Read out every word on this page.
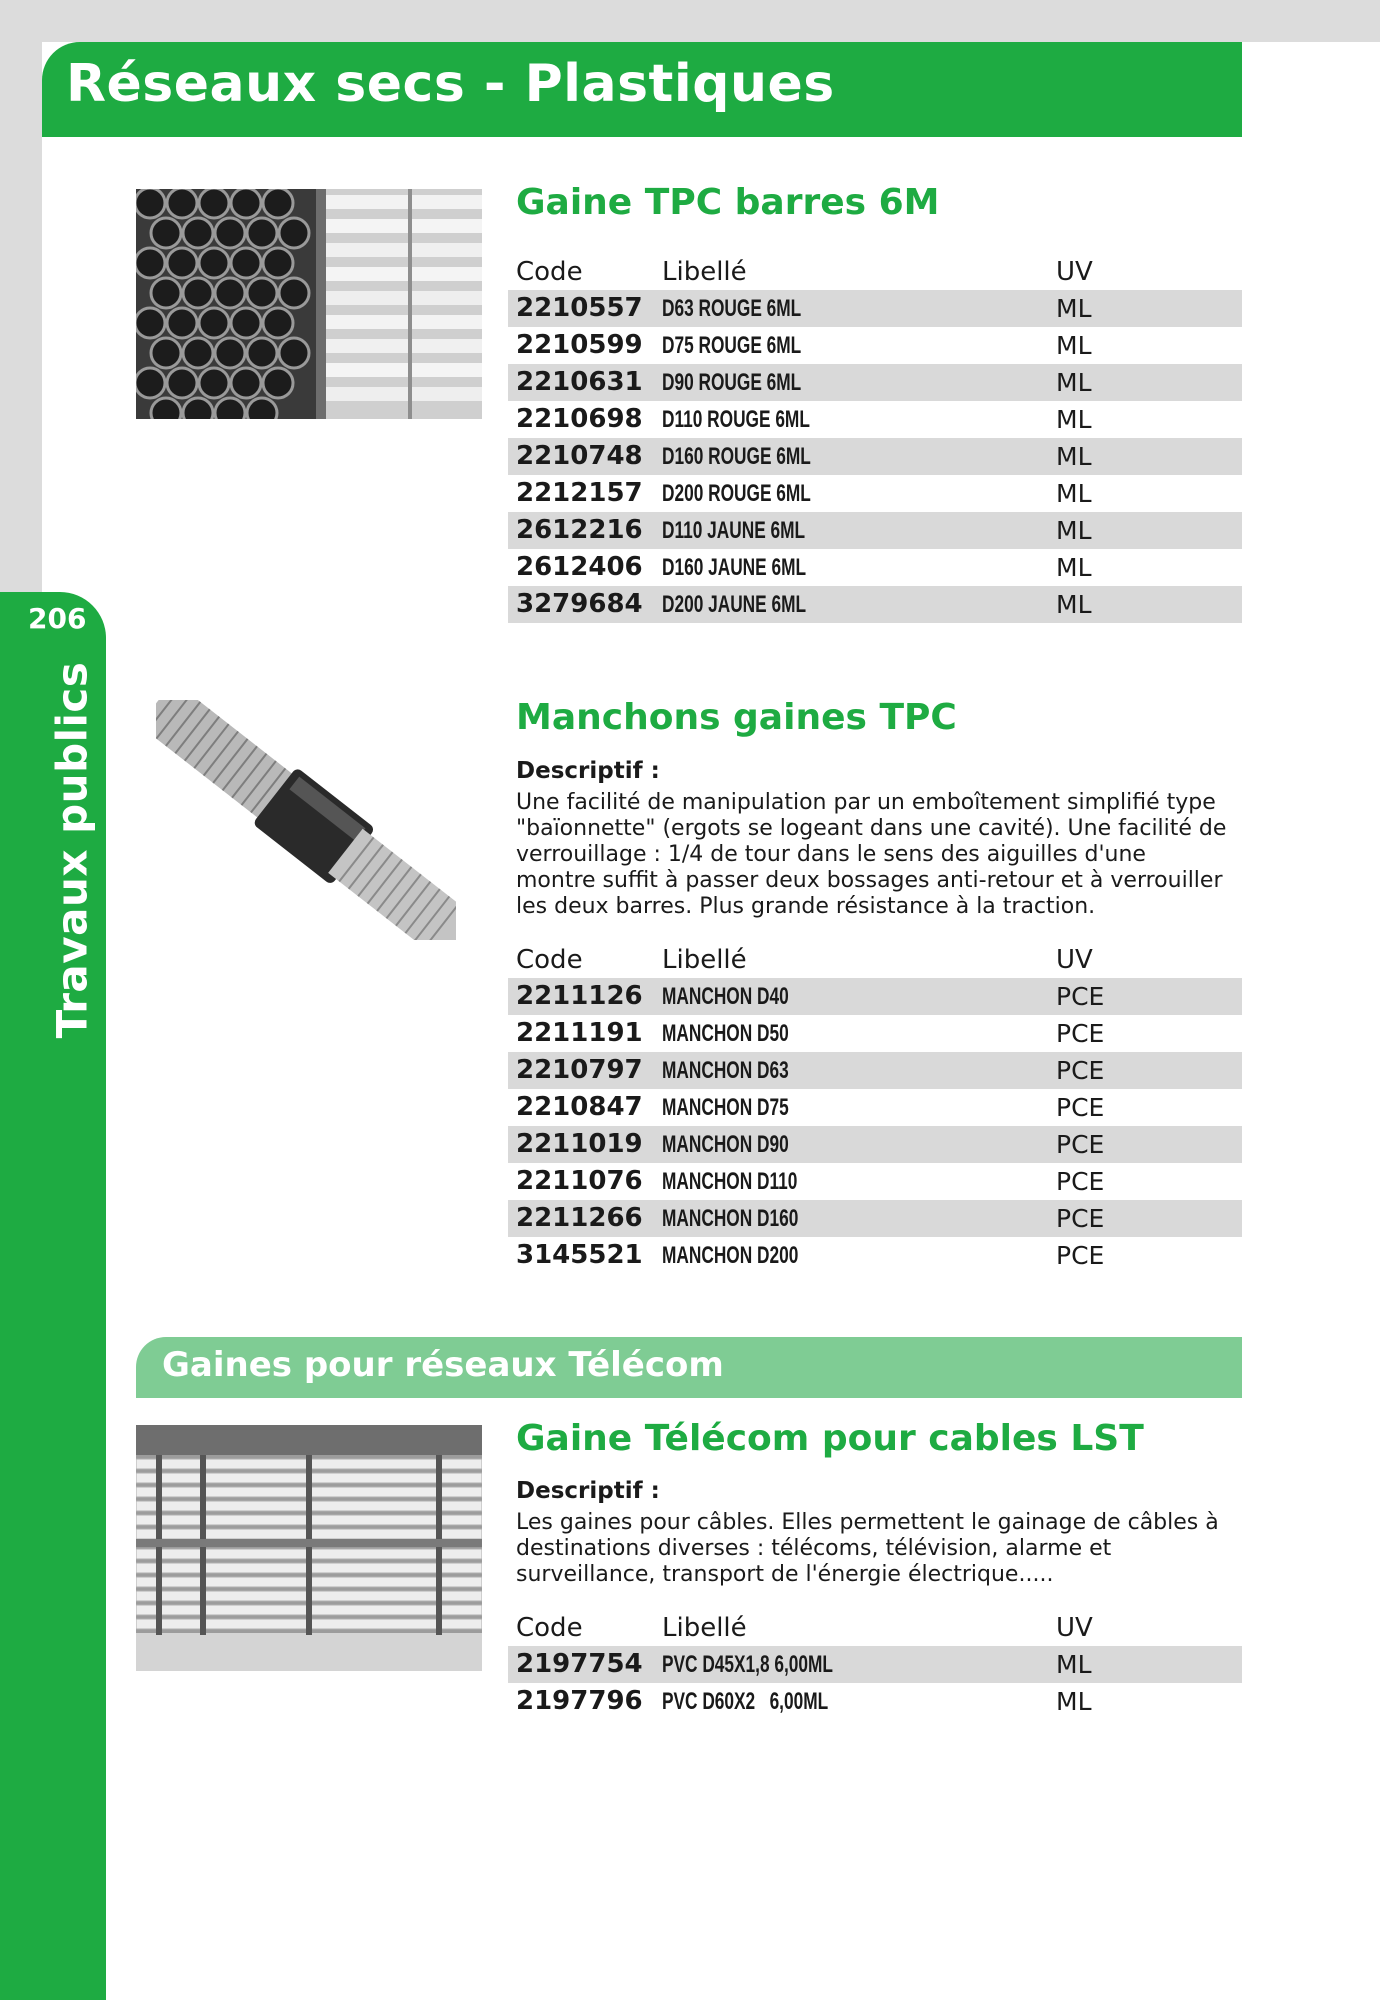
206
Travaux publics
Réseaux secs - Plastiques
Gaine TPC barres 6M
Code	Libellé	UV
2210557 D63 ROUGE 6ML	ML
2210599 D75 ROUGE 6ML	ML
2210631 D90 ROUGE 6ML	ML
2210698 D110 ROUGE 6ML	ML
2210748 D160 ROUGE 6ML	ML
2212157 D200 ROUGE 6ML	ML
2612216 D110 JAUNE 6ML	ML
2612406 D160 JAUNE 6ML	ML
3279684 D200 JAUNE 6ML	ML
Manchons gaines TPC
Descriptif :
Une facilité de manipulation par un emboîtement simplifié type
"baïonnette" (ergots se logeant dans une cavité). Une facilité de
verrouillage : 1/4 de tour dans le sens des aiguilles d'une
montre suffit à passer deux bossages anti-retour et à verrouiller
les deux barres. Plus grande résistance à la traction.
Code	Libellé	UV
2211126 MANCHON D40	PCE
2211191 MANCHON D50	PCE
2210797 MANCHON D63	PCE
2210847 MANCHON D75	PCE
2211019 MANCHON D90	PCE
2211076 MANCHON D110	PCE
2211266 MANCHON D160	PCE
3145521 MANCHON D200	PCE
Gaines pour réseaux Télécom
Gaine Télécom pour cables LST
Descriptif :
Les gaines pour câbles. Elles permettent le gainage de câbles à
destinations diverses : télécoms, télévision, alarme et
surveillance, transport de l'énergie électrique.....
Code	Libellé	UV
2197754 PVC D45X1,8 6,00ML	ML
2197796 PVC D60X2   6,00ML	ML
